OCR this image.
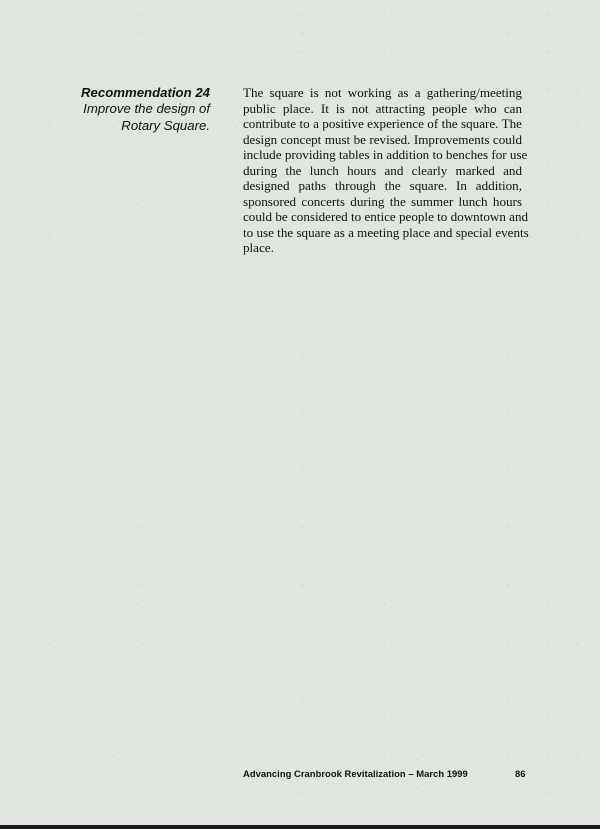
Recommendation 24
Improve the design of
Rotary Square.
The square is not working as a gathering/meeting
public place. It is not attracting people who can
contribute to a positive experience of the square. The
design concept must be revised. Improvements could
include providing tables in addition to benches for use
during the lunch hours and clearly marked and
designed paths through the square. In addition,
sponsored concerts during the summer lunch hours
could be considered to entice people to downtown and
to use the square as a meeting place and special events
place.
Advancing Cranbrook Revitalization – March 1999	86
